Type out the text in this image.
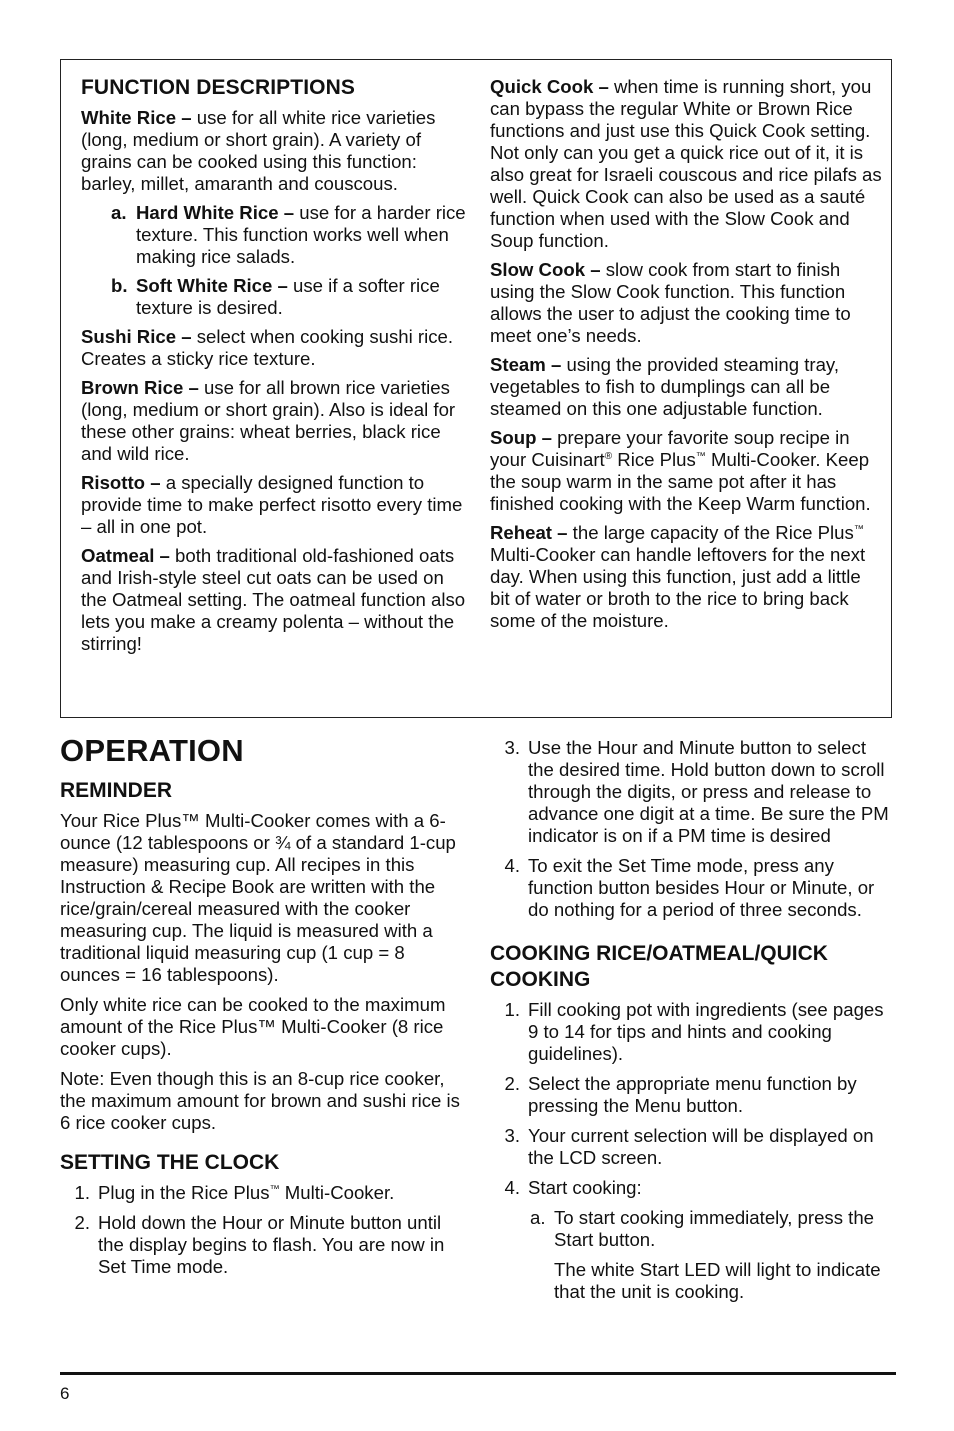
FUNCTION DESCRIPTIONS

White Rice – use for all white rice varieties (long, medium or short grain). A variety of grains can be cooked using this function: barley, millet, amaranth and couscous.

a. Hard White Rice – use for a harder rice texture. This function works well when making rice salads.
b. Soft White Rice – use if a softer rice texture is desired.

Sushi Rice – select when cooking sushi rice. Creates a sticky rice texture.

Brown Rice – use for all brown rice varieties (long, medium or short grain). Also is ideal for these other grains: wheat berries, black rice and wild rice.

Risotto – a specially designed function to provide time to make perfect risotto every time – all in one pot.

Oatmeal – both traditional old-fashioned oats and Irish-style steel cut oats can be used on the Oatmeal setting. The oatmeal function also lets you make a creamy polenta – without the stirring!

Quick Cook – when time is running short, you can bypass the regular White or Brown Rice functions and just use this Quick Cook setting. Not only can you get a quick rice out of it, it is also great for Israeli couscous and rice pilafs as well. Quick Cook can also be used as a sauté function when used with the Slow Cook and Soup function.

Slow Cook – slow cook from start to finish using the Slow Cook function. This function allows the user to adjust the cooking time to meet one’s needs.

Steam – using the provided steaming tray, vegetables to fish to dumplings can all be steamed on this one adjustable function.

Soup – prepare your favorite soup recipe in your Cuisinart® Rice Plus™ Multi-Cooker. Keep the soup warm in the same pot after it has finished cooking with the Keep Warm function.

Reheat – the large capacity of the Rice Plus™ Multi-Cooker can handle leftovers for the next day. When using this function, just add a little bit of water or broth to the rice to bring back some of the moisture.

OPERATION
REMINDER

Your Rice Plus™ Multi-Cooker comes with a 6-ounce (12 tablespoons or ¾ of a standard 1-cup measure) measuring cup. All recipes in this Instruction & Recipe Book are written with the rice/grain/cereal measured with the cooker measuring cup. The liquid is measured with a traditional liquid measuring cup (1 cup = 8 ounces = 16 tablespoons).

Only white rice can be cooked to the maximum amount of the Rice Plus™ Multi-Cooker (8 rice cooker cups).

Note: Even though this is an 8-cup rice cooker, the maximum amount for brown and sushi rice is 6 rice cooker cups.

SETTING THE CLOCK
1. Plug in the Rice Plus™ Multi-Cooker.
2. Hold down the Hour or Minute button until the display begins to flash. You are now in Set Time mode.
3. Use the Hour and Minute button to select the desired time. Hold button down to scroll through the digits, or press and release to advance one digit at a time. Be sure the PM indicator is on if a PM time is desired
4. To exit the Set Time mode, press any function button besides Hour or Minute, or do nothing for a period of three seconds.
COOKING RICE/OATMEAL/QUICK COOKING
1. Fill cooking pot with ingredients (see pages 9 to 14 for tips and hints and cooking guidelines).
2. Select the appropriate menu function by pressing the Menu button.
3. Your current selection will be displayed on the LCD screen.
4. Start cooking:
a. To start cooking immediately, press the Start button.

The white Start LED will light to indicate that the unit is cooking.

6
